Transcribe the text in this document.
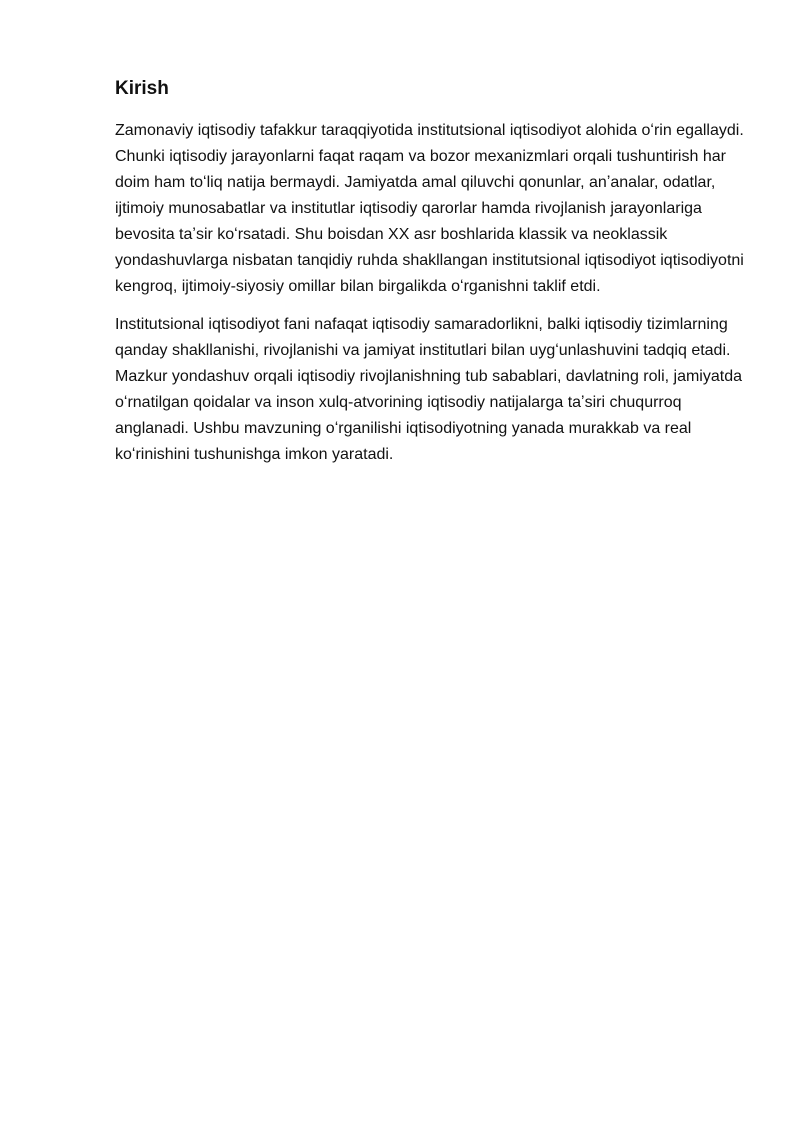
Kirish

Zamonaviy iqtisodiy tafakkur taraqqiyotida institutsional iqtisodiyot alohida oʻrin egallaydi. Chunki iqtisodiy jarayonlarni faqat raqam va bozor mexanizmlari orqali tushuntirish har doim ham toʻliq natija bermaydi. Jamiyatda amal qiluvchi qonunlar, anʼanalar, odatlar, ijtimoiy munosabatlar va institutlar iqtisodiy qarorlar hamda rivojlanish jarayonlariga bevosita taʼsir koʻrsatadi. Shu boisdan XX asr boshlarida klassik va neoklassik yondashuvlarga nisbatan tanqidiy ruhda shakllangan institutsional iqtisodiyot iqtisodiyotni kengroq, ijtimoiy-siyosiy omillar bilan birgalikda oʻrganishni taklif etdi.

Institutsional iqtisodiyot fani nafaqat iqtisodiy samaradorlikni, balki iqtisodiy tizimlarning qanday shakllanishi, rivojlanishi va jamiyat institutlari bilan uygʻunlashuvini tadqiq etadi. Mazkur yondashuv orqali iqtisodiy rivojlanishning tub sabablari, davlatning roli, jamiyatda oʻrnatilgan qoidalar va inson xulq-atvorining iqtisodiy natijalarga taʼsiri chuqurroq anglanadi. Ushbu mavzuning oʻrganilishi iqtisodiyotning yanada murakkab va real koʻrinishini tushunishga imkon yaratadi.
